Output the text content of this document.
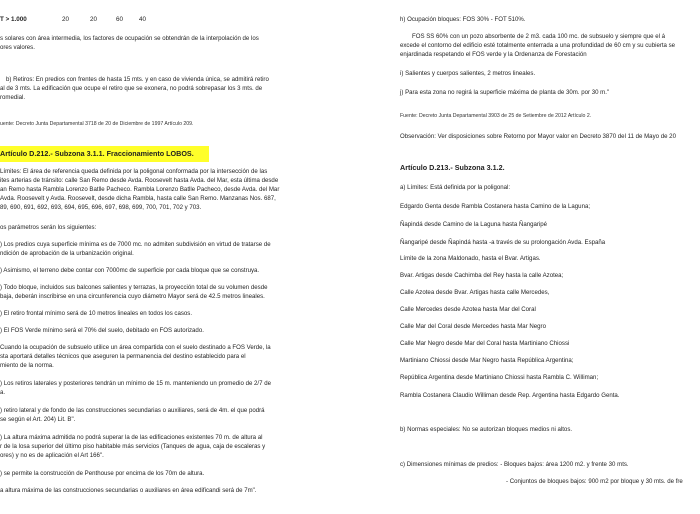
T > 1.000	20	20	60	40
s solares con área intermedia, los factores de ocupación se obtendrán de la interpolación de los
ores valores.
b) Retiros: En predios con frentes de hasta 15 mts. y en caso de vivienda única, se admitirá retiro
al de 3 mts. La edificación que ocupe el retiro que se exonera, no podrá sobrepasar los 3 mts. de
romedial.
uente: Decreto Junta Departamental 3718 de 20 de Diciembre de 1997 Artículo 209.
Artículo D.212.- Subzona 3.1.1. Fraccionamiento LOBOS.
Límites: El área de referencia queda definida por la poligonal conformada por la intersección de las
ites arterias de tránsito: calle San Remo desde Avda. Roosevelt hasta Avda. del Mar, esta última desde
an Remo hasta Rambla Lorenzo Batlle Pacheco. Rambla Lorenzo Batlle Pacheco, desde Avda. del Mar
Avda. Roosevelt y Avda. Roosevelt, desde dicha Rambla, hasta calle San Remo. Manzanas Nos. 687,
89, 690, 691, 692, 693, 694, 695, 696, 697, 698, 699, 700, 701, 702 y 703.
os parámetros serán los siguientes:
) Los predios cuya superficie mínima es de 7000 mc. no admiten subdivisión en virtud de tratarse de
ndición de aprobación de la urbanización original.
) Asimismo, el terreno debe contar con 7000mc de superficie por cada bloque que se construya.
) Todo bloque, incluidos sus balcones salientes y terrazas, la proyección total de su volumen desde
baja, deberán inscribirse en una circunferencia cuyo diámetro Mayor será de 42.5 metros lineales.
) El retiro frontal mínimo será de 10 metros lineales en todos los casos.
) El FOS Verde mínimo será el 70% del suelo, debitado en FOS autorizado.
Cuando la ocupación de subsuelo utilice un área compartida con el suelo destinado a FOS Verde, la
sta aportará detalles técnicos que aseguren la permanencia del destino establecido para el
miento de la norma.
) Los retiros laterales y posteriores tendrán un mínimo de 15 m. manteniendo un promedio de 2/7 de
a.
) retiro lateral y de fondo de las construcciones secundarias o auxiliares, será de 4m. el que podrá
se según el Art. 204) Lit. B".
) La altura máxima admitida no podrá superar la de las edificaciones existentes 70 m. de altura al
r de la losa superior del último piso habitable más servicios (Tanques de agua, caja de escaleras y
ores) y no es de aplicación el Art 166".
) se permite la construcción de Penthouse por encima de los 70m de altura.
a altura máxima de las construcciones secundarias o auxiliares en área edificandi será de 7m".
h) Ocupación bloques: FOS 30% - FOT 510%.
FOS SS 60% con un pozo absorbente de 2 m3. cada 100 mc. de subsuelo y siempre que el á
excede el contorno del edificio esté totalmente enterrada a una profundidad de 60 cm y su cubierta se
enjardinada respetando el FOS verde y la Ordenanza de Forestación
i) Salientes y cuerpos salientes, 2 metros lineales.
j) Para esta zona no regirá la superficie máxima de planta de 30m. por 30 m."
Fuente: Decreto Junta Departamental 3903 de 25 de Setiembre de 2012 Artículo 2.
Observación: Ver disposiciones sobre Retorno por Mayor valor en Decreto 3870 del 11 de Mayo de 20
Artículo D.213.- Subzona 3.1.2.
a) Límites: Está definida por la poligonal:
Edgardo Genta desde Rambla Costanera hasta Camino de la Laguna;
Ñapindá desde Camino de la Laguna hasta Ñangaripé
Ñangaripé desde Ñapindá hasta -a través de su prolongación Avda. España
Límite de la zona Maldonado, hasta el Bvar. Artigas.
Bvar. Artigas desde Cachimba del Rey hasta la calle Azotea;
Calle Azotea desde Bvar. Artigas hasta calle Mercedes,
Calle Mercedes desde Azotea hasta Mar del Coral
Calle Mar del Coral desde Mercedes hasta Mar Negro
Calle Mar Negro desde Mar del Coral hasta Martiniano Chiossi
Martiniano Chiossi desde Mar Negro hasta República Argentina;
República Argentina desde Martiniano Chiossi hasta Rambla C. Williman;
Rambla Costanera Claudio Williman desde Rep. Argentina hasta Edgardo Genta.
b) Normas especiales: No se autorizan bloques medios ni altos.
c) Dimensiones mínimas de predios: - Bloques bajos: área 1200 m2. y frente 30 mts.
- Conjuntos de bloques bajos: 900 m2 por bloque y 30 mts. de fre
